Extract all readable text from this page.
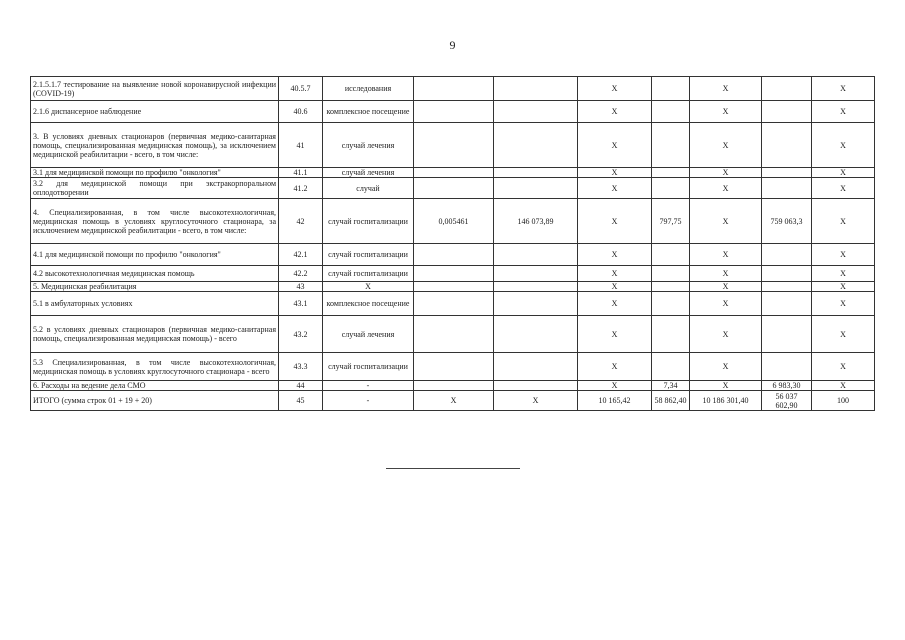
9
2.1.5.1.7 тестирование на выявление новой коронавирусной инфекции (COVID-19)	40.5.7	исследования			X		X		X
2.1.6 диспансерное наблюдение	40.6	комплексное посещение			X		X		X
3. В условиях дневных стационаров (первичная медико-санитарная помощь, специализированная медицинская помощь), за исключением медицинской реабилитации - всего, в том числе:	41	случай лечения			X		X		X
3.1 для медицинской помощи по профилю "онкология"	41.1	случай лечения			X		X		X
3.2 для медицинской помощи при экстракорпоральном оплодотворении	41.2	случай			X		X		X
4. Специализированная, в том числе высокотехнологичная, медицинская помощь в условиях круглосуточного стационара, за исключением медицинской реабилитации - всего, в том числе:	42	случай госпитализации	0,005461	146 073,89	X	797,75	X	759 063,3	X
4.1 для медицинской помощи по профилю "онкология"	42.1	случай госпитализации			X		X		X
4.2 высокотехнологичная медицинская помощь	42.2	случай госпитализации			X		X		X
5. Медицинская реабилитация	43	X			X		X		X
5.1 в амбулаторных условиях	43.1	комплексное посещение			X		X		X
5.2 в условиях дневных стационаров (первичная медико-санитарная помощь, специализированная медицинская помощь) - всего	43.2	случай лечения			X		X		X
5.3 Специализированная, в том числе высокотехнологичная, медицинская помощь в условиях круглосуточного стационара - всего	43.3	случай госпитализации			X		X		X
6. Расходы на ведение дела СМО	44	-			X	7,34	X	6 983,30	X
ИТОГО (сумма строк 01 + 19 + 20)	45	-	X	X	10 165,42	58 862,40	10 186 301,40	56 037 602,90	100
